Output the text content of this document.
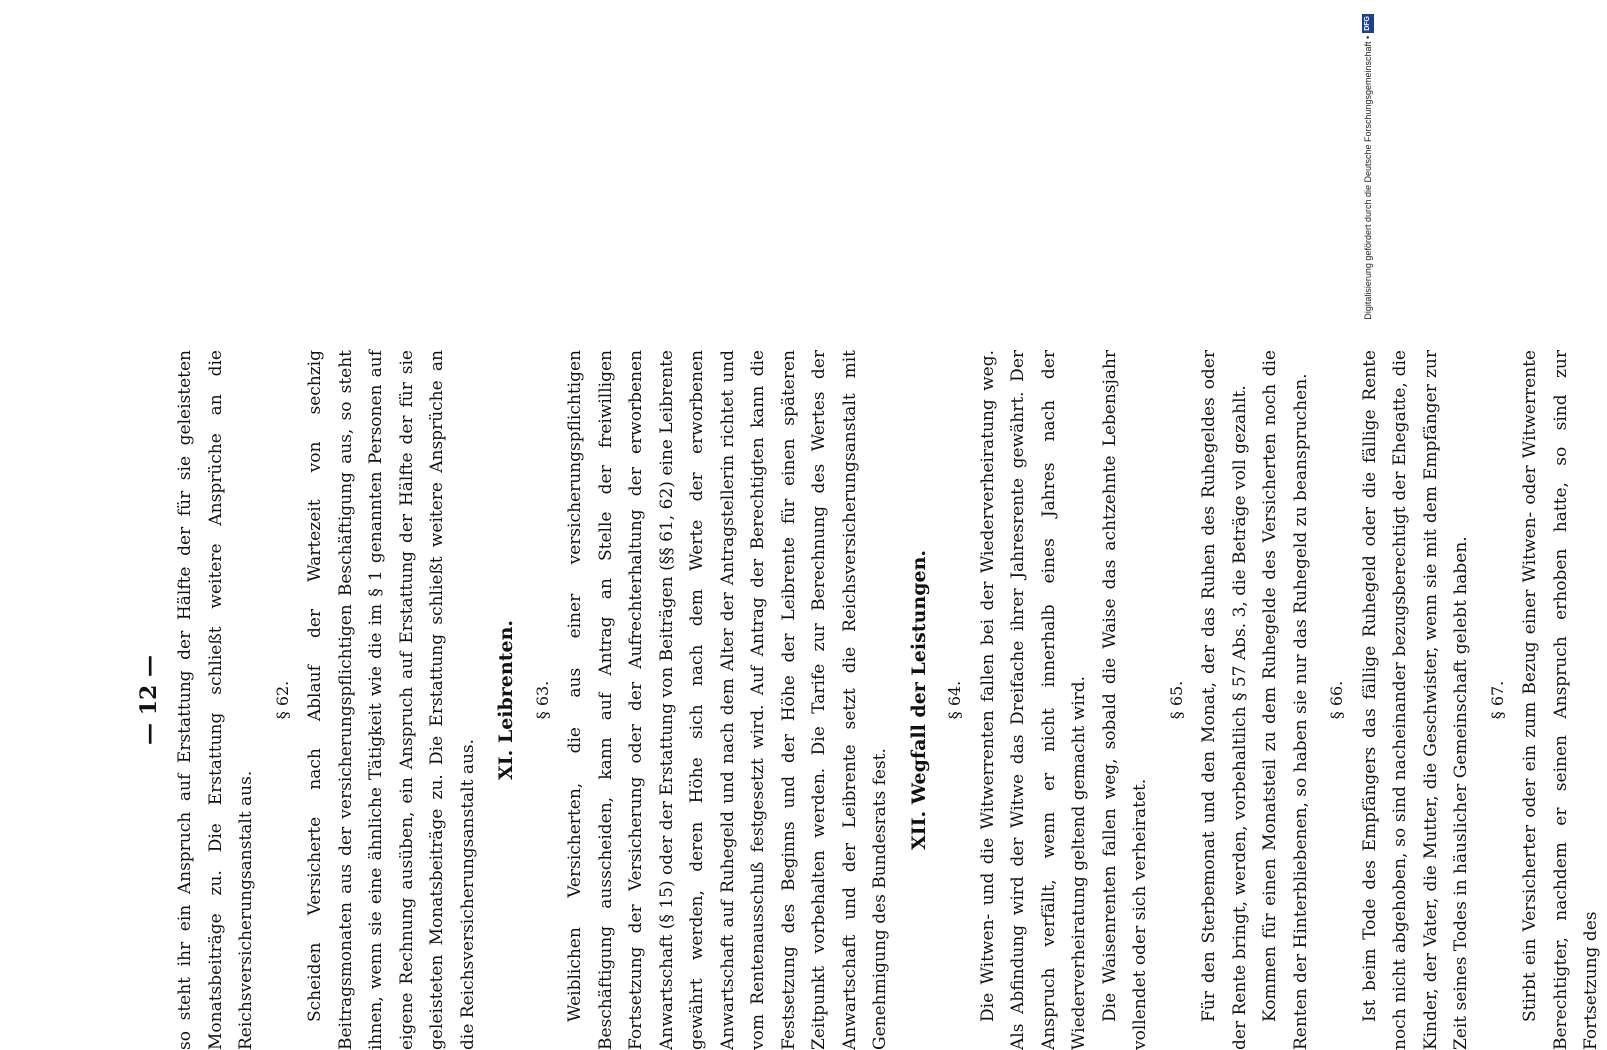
— 12 — so steht ihr ein Anspruch auf Erstattung der Hälfte der für sie geleisteten Monatsbeiträge zu. Die Erstattung schließt weitere Ansprüche an die Reichsversicherungsanstalt aus.

§ 62. Scheiden Versicherte nach Ablauf der Wartezeit von sechzig Beitragsmonaten aus der versicherungspflichtigen Beschäftigung aus, so steht ihnen, wenn sie eine ähnliche Tätigkeit wie die im § 1 genannten Personen auf eigene Rechnung ausüben, ein Anspruch auf Erstattung der Hälfte der für sie geleisteten Monatsbeiträge zu. Die Erstattung schließt weitere Ansprüche an die Reichsversicherungsanstalt aus.

XI. Leibrenten. § 63. Weiblichen Versicherten, die aus einer versicherungspflichtigen Beschäftigung ausscheiden, kann auf Antrag an Stelle der freiwilligen Fortsetzung der Versicherung oder der Aufrechterhaltung der erworbenen Anwartschaft (§ 15) oder der Erstattung von Beiträgen (§§ 61, 62) eine Leibrente gewährt werden, deren Höhe sich nach dem Werte der erworbenen Anwartschaft auf Ruhegeld und nach dem Alter der Antragstellerin richtet und vom Rentenausschuß festgesetzt wird. Auf Antrag der Berechtigten kann die Festsetzung des Beginns und der Höhe der Leibrente für einen späteren Zeitpunkt vorbehalten werden. Die Tarife zur Berechnung des Wertes der Anwartschaft und der Leibrente setzt die Reichsversicherungsanstalt mit Genehmigung des Bundesrats fest.

XII. Wegfall der Leistungen. § 64. Die Witwen- und die Witwerrenten fallen bei der Wiederverheiratung weg. Als Abfindung wird der Witwe das Dreifache ihrer Jahresrente gewährt. Der Anspruch verfällt, wenn er nicht innerhalb eines Jahres nach der Wiederverheiratung geltend gemacht wird. Die Waisenrenten fallen weg, sobald die Waise das achtzehnte Lebensjahr vollendet oder sich verheiratet.

§ 65. Für den Sterbemonat und den Monat, der das Ruhen des Ruhegeldes oder der Rente bringt, werden, vorbehaltlich § 57 Abs. 3, die Beträge voll gezahlt. Kommen für einen Monatsteil zu dem Ruhegelde des Versicherten noch die Renten der Hinterbliebenen, so haben sie nur das Ruhegeld zu beanspruchen.	§ 66. Ist beim Tode des Empfängers das fällige Ruhegeld oder die fällige Rente noch nicht abgehoben, so sind nacheinander bezugsberechtigt der Ehegatte, die Kinder, der Vater, die Mutter, die Geschwister, wenn sie mit dem Empfänger zur Zeit seines Todes in häuslicher Gemeinschaft gelebt haben.	§ 67. Stirbt ein Versicherter oder ein zum Bezug einer Witwen- oder Witwerrente Berechtigter, nachdem er seinen Anspruch erhoben hatte, so sind zur Fortsetzung des

Digitalisierung gefördert durch die Deutsche Forschungsgemeinschaft •
DFG
